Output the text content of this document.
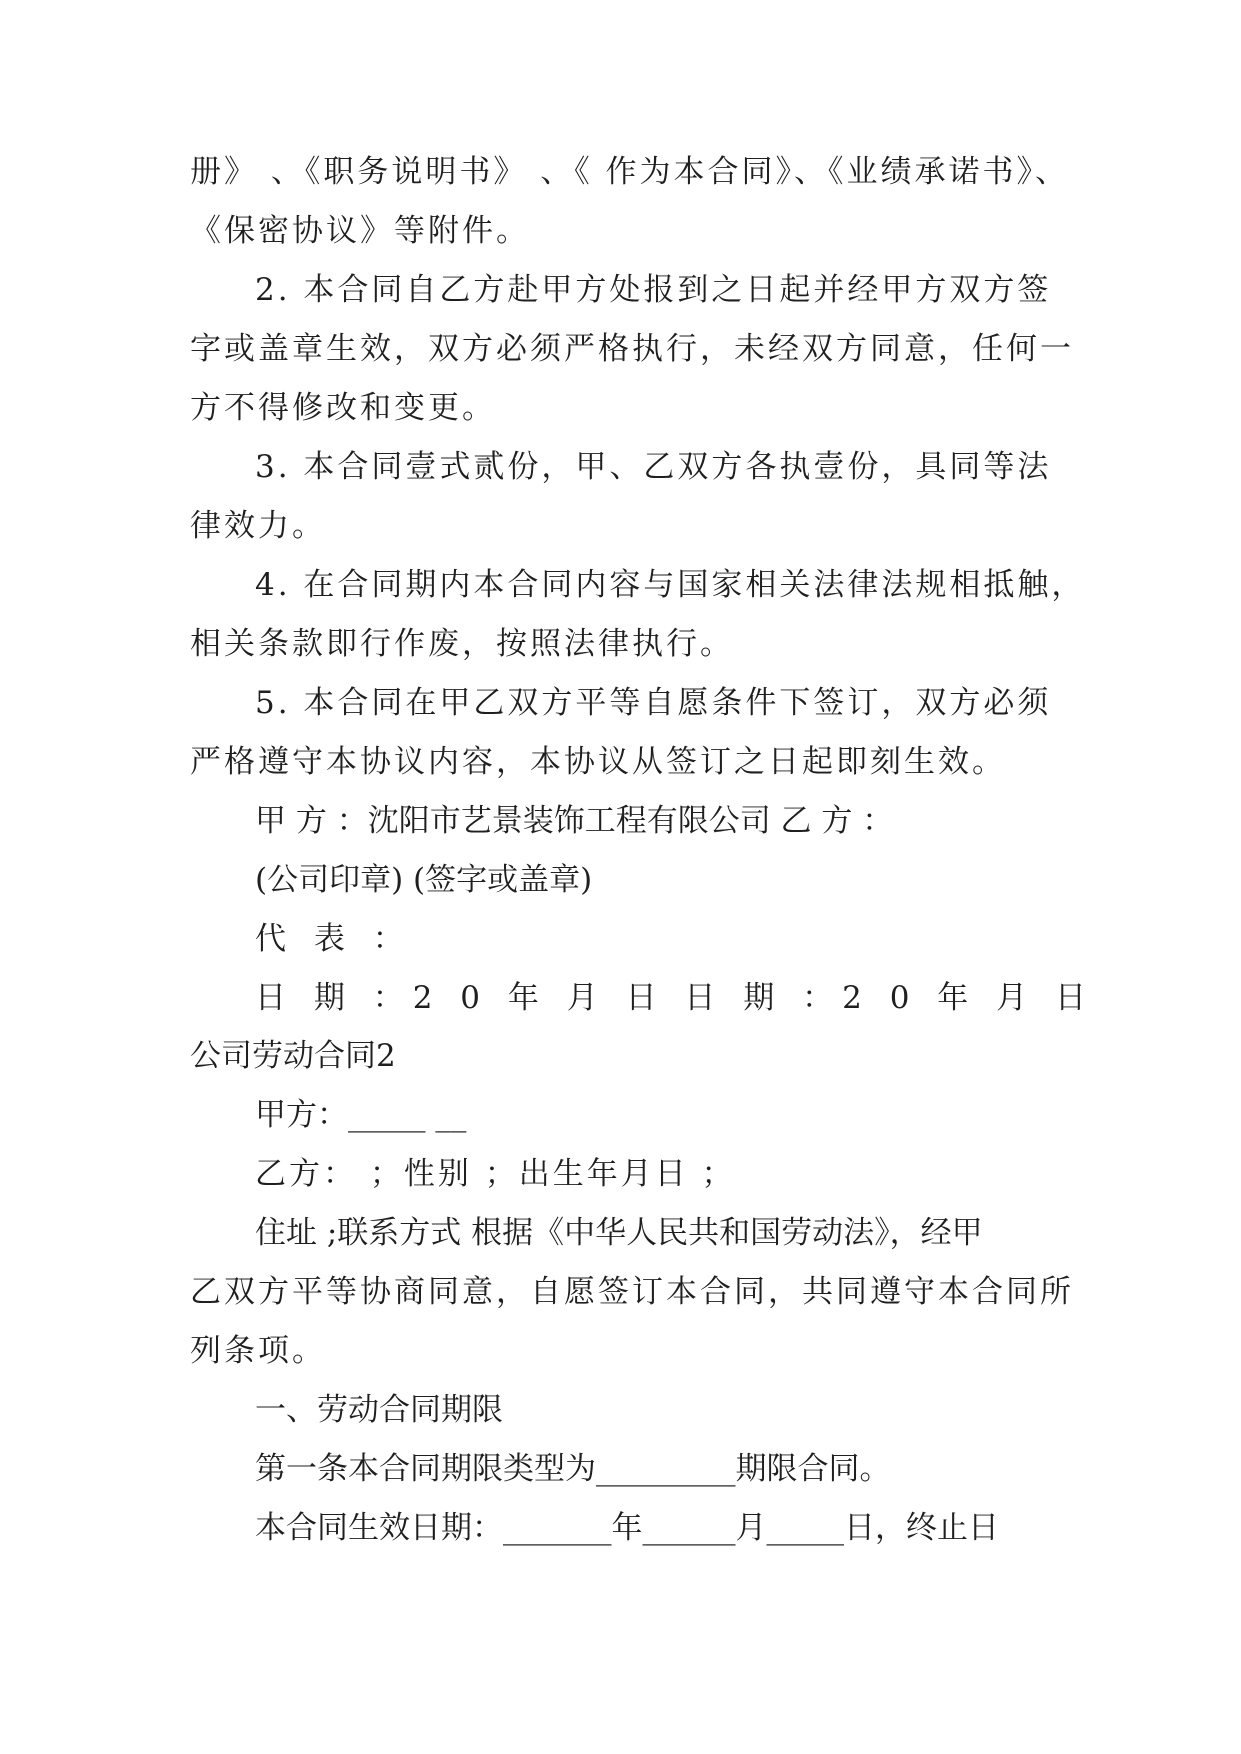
册》 、《职务说明书》 、《 作为本合同》、《业绩承诺书》、
《保密协议》等附件。
2. 本合同自乙方赴甲方处报到之日起并经甲方双方签
字或盖章生效，双方必须严格执行，未经双方同意，任何一
方不得修改和变更。
3. 本合同壹式贰份，甲、乙双方各执壹份，具同等法
律效力。
4. 在合同期内本合同内容与国家相关法律法规相抵触，
相关条款即行作废，按照法律执行。
5. 本合同在甲乙双方平等自愿条件下签订，双方必须
严格遵守本协议内容，本协议从签订之日起即刻生效。
甲 方 ：沈阳市艺景装饰工程有限公司 乙 方 ：
(公司印章) (签字或盖章)
代 表 ：
日 期 ：2 0 年 月 日 日 期 ：2 0 年 月 日
公司劳动合同2
甲方：_____ __
乙方： ；性别 ；出生年月日 ；
住址 ;联系方式 根据《中华人民共和国劳动法》，经甲
乙双方平等协商同意，自愿签订本合同，共同遵守本合同所
列条项。
一、劳动合同期限
第一条本合同期限类型为_________期限合同。
本合同生效日期：_______年______月_____日，终止日
